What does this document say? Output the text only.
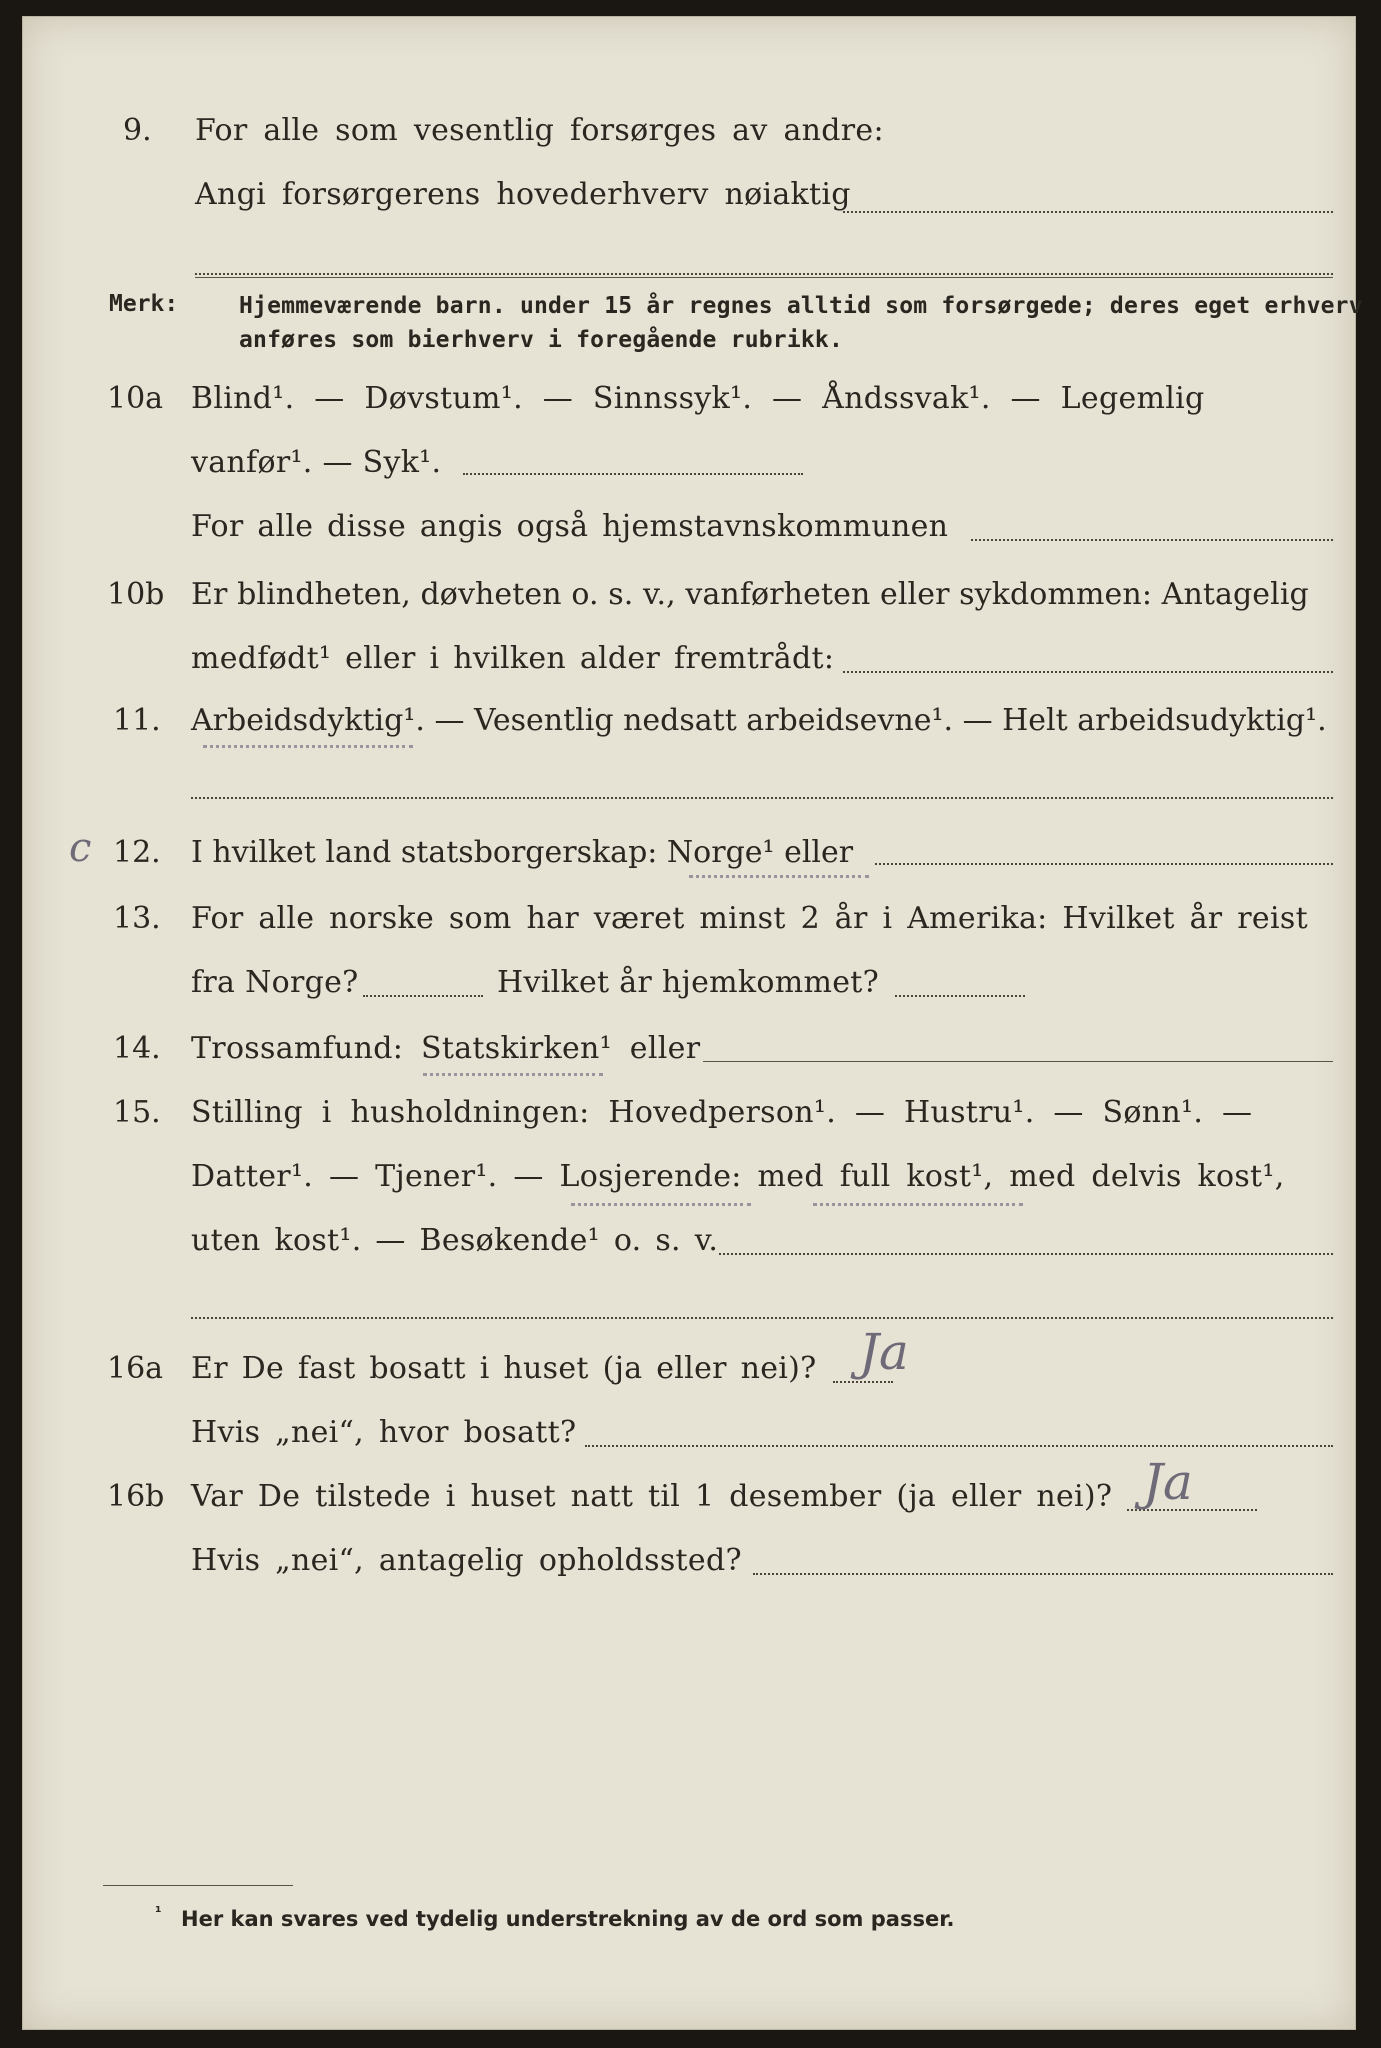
9. For alle som vesentlig forsørges av andre:
Angi forsørgerens hovederhverv nøiaktig
Merk:	Hjemmeværende barn. under 15 år regnes alltid som forsørgede; deres eget erhverv
anføres som bierhverv i foregående rubrikk.
10a Blind¹. — Døvstum¹. — Sinnssyk¹. — Åndssvak¹. — Legemlig
vanfør¹. — Syk¹.
For alle disse angis også hjemstavnskommunen
10b Er blindheten, døvheten o. s. v., vanførheten eller sykdommen: Antagelig
medfødt¹ eller i hvilken alder fremtrådt:
11. Arbeidsdyktig¹. — Vesentlig nedsatt arbeidsevne¹. — Helt arbeidsudyktig¹.
c 12. I hvilket land statsborgerskap: Norge¹ eller
13. For alle norske som har været minst 2 år i Amerika: Hvilket år reist
fra Norge?	Hvilket år hjemkommet?
14. Trossamfund: Statskirken¹ eller
15. Stilling i husholdningen: Hovedperson¹. — Hustru¹. — Sønn¹. —
Datter¹. — Tjener¹. — Losjerende: med full kost¹, med delvis kost¹,
uten kost¹. — Besøkende¹ o. s. v.
16a Er De fast bosatt i huset (ja eller nei)? Ja
Hvis „nei“, hvor bosatt?
16b Var De tilstede i huset natt til 1 desember (ja eller nei)? Ja
Hvis „nei“, antagelig opholdssted?
¹ Her kan svares ved tydelig understrekning av de ord som passer.
